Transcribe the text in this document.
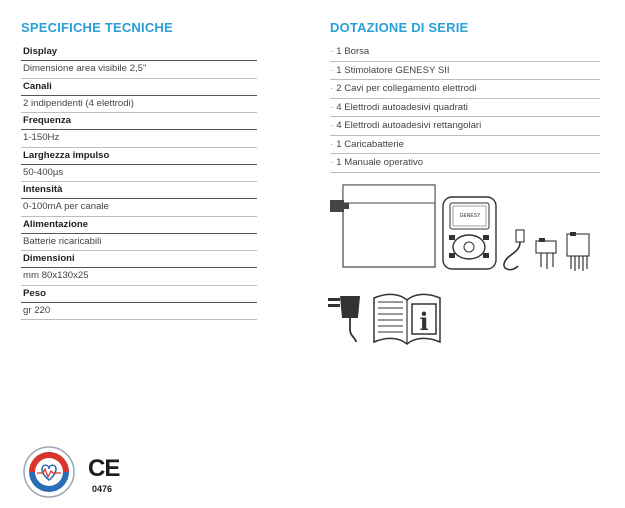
SPECIFICHE TECNICHE
Display
Dimensione area visibile 2,5"
Canali
2 indipendenti (4 elettrodi)
Frequenza
1-150Hz
Larghezza impulso
50-400µs
Intensità
0-100mA per canale
Alimentazione
Batterie ricaricabili
Dimensioni
mm 80x130x25
Peso
gr 220
DOTAZIONE DI SERIE
· 1 Borsa
· 1 Stimolatore GENESY SII
· 2 Cavi per collegamento elettrodi
· 4 Elettrodi autoadesivi quadrati
· 4 Elettrodi autoadesivi rettangolari
· 1 Caricabatterie
· 1 Manuale operativo
GENESY
i
CE
0476
